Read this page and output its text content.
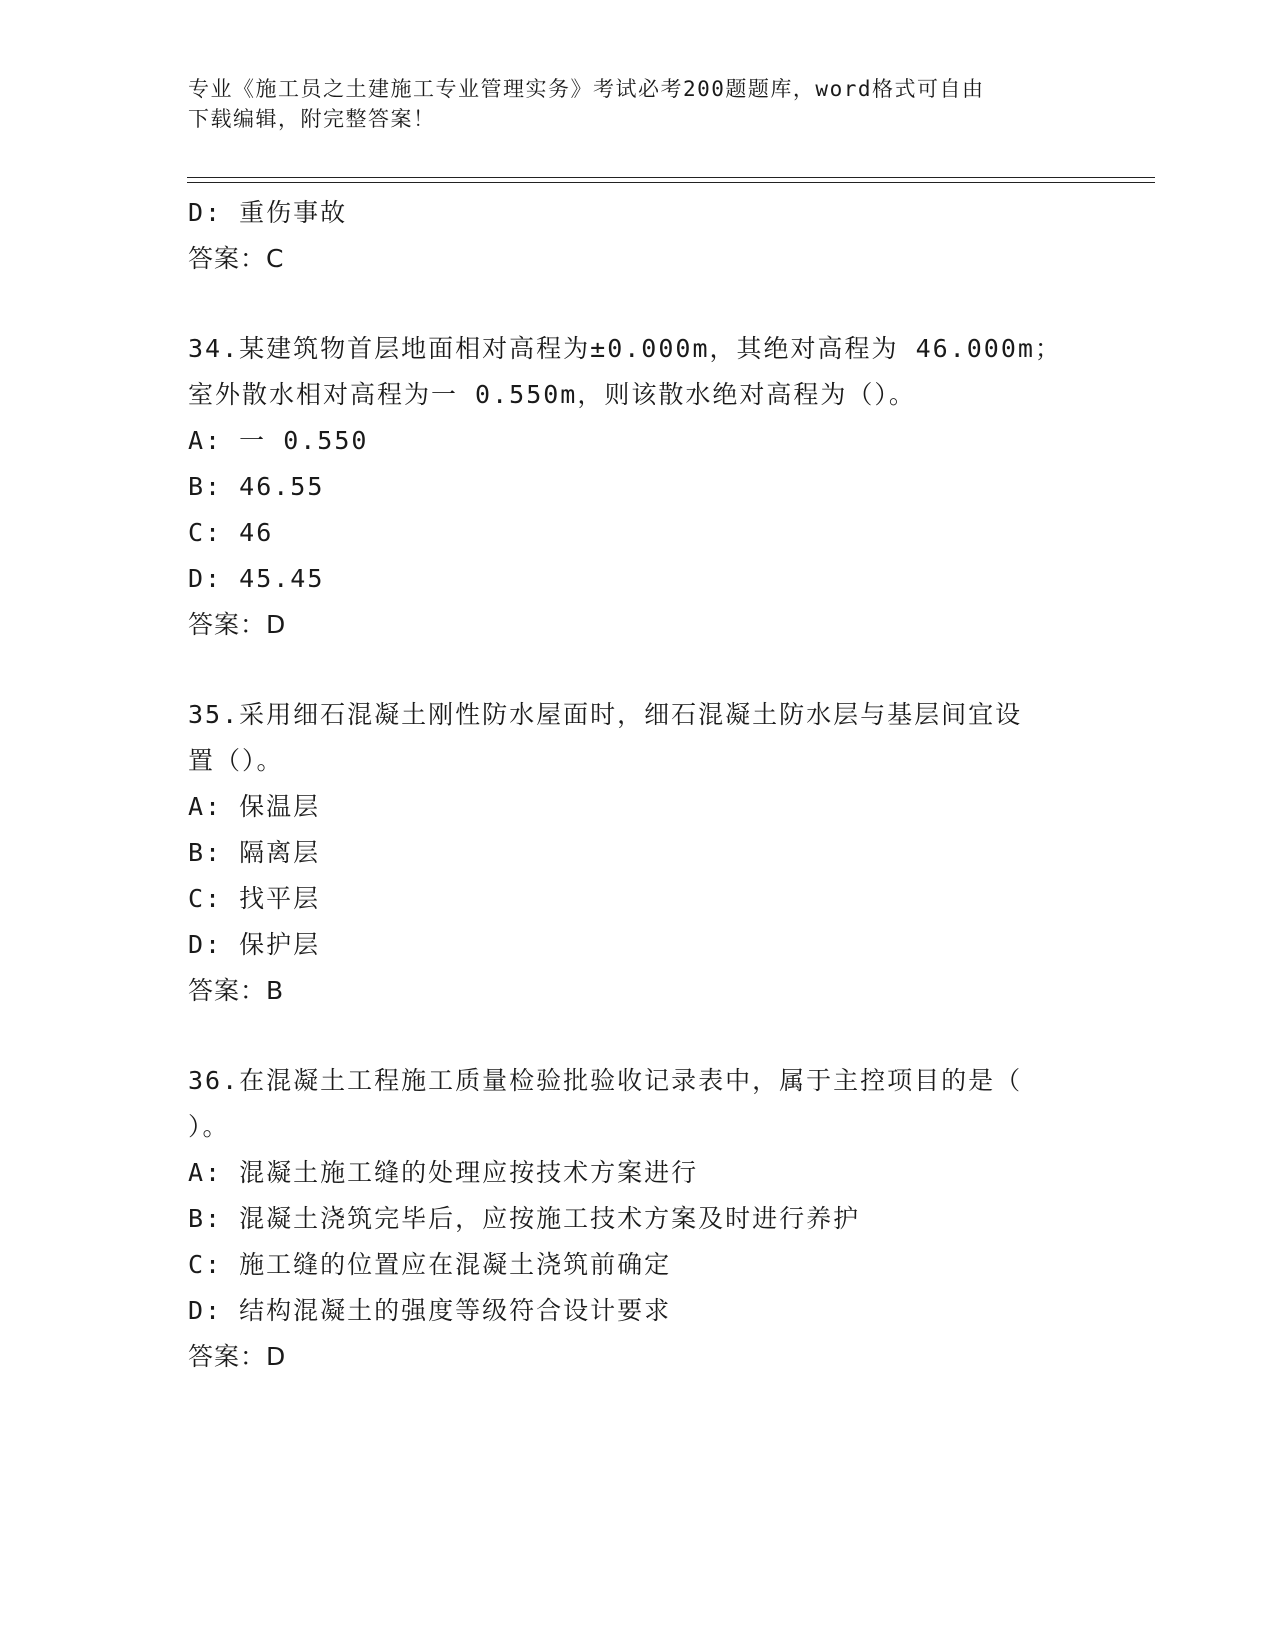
专业《施工员之土建施工专业管理实务》考试必考200题题库，word格式可自由
下载编辑，附完整答案！
D: 重伤事故
答案：C
34.某建筑物首层地面相对高程为±0.000m，其绝对高程为 46.000m；
室外散水相对高程为一 0.550m，则该散水绝对高程为（）。
A: 一 0.550
B: 46.55
C: 46
D: 45.45
答案：D
35.采用细石混凝土刚性防水屋面时，细石混凝土防水层与基层间宜设
置（）。
A: 保温层
B: 隔离层
C: 找平层
D: 保护层
答案：B
36.在混凝土工程施工质量检验批验收记录表中，属于主控项目的是（
）。
A: 混凝土施工缝的处理应按技术方案进行
B: 混凝土浇筑完毕后，应按施工技术方案及时进行养护
C: 施工缝的位置应在混凝土浇筑前确定
D: 结构混凝土的强度等级符合设计要求
答案：D
